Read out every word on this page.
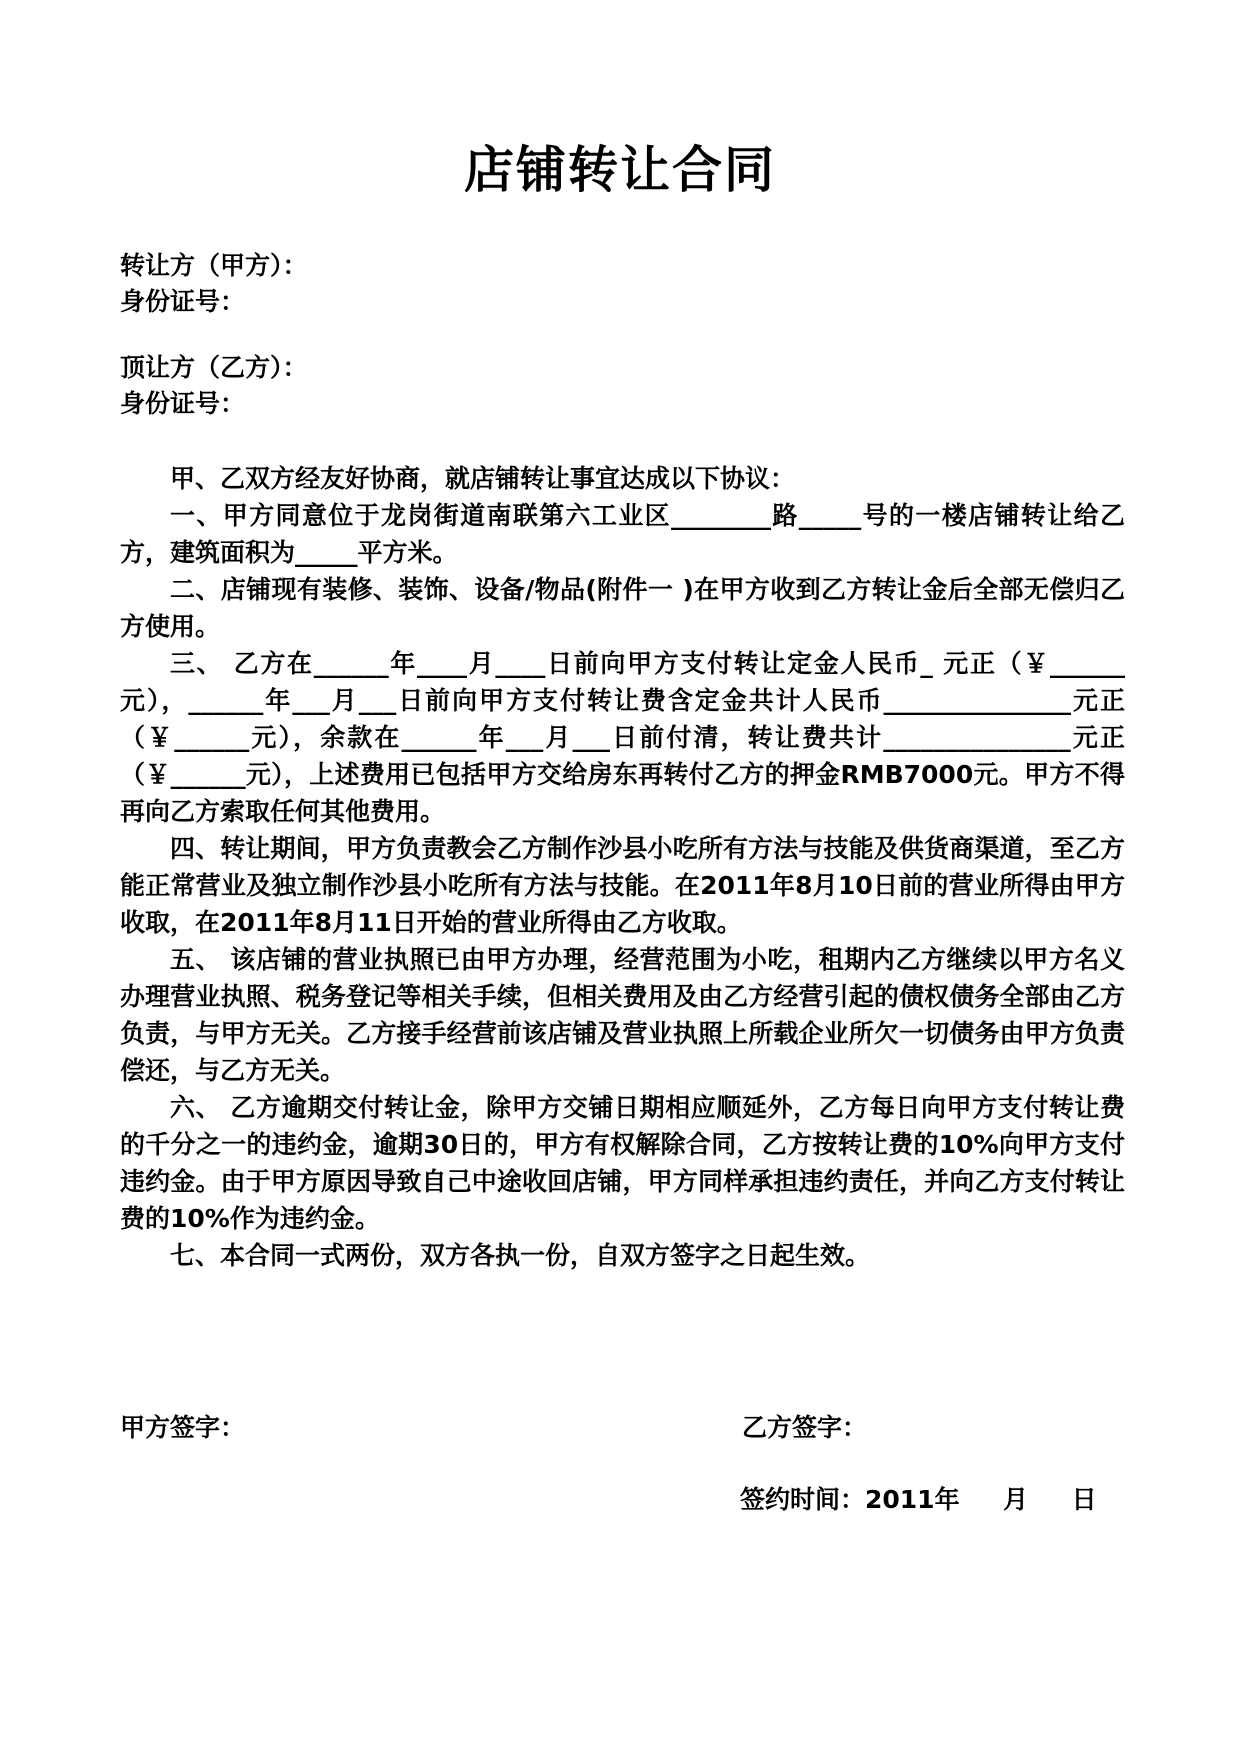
店铺转让合同
转让方（甲方）：
身份证号：
顶让方（乙方）：
身份证号：

甲、乙双方经友好协商，就店铺转让事宜达成以下协议：

一、甲方同意位于龙岗街道南联第六工业区________路_____号的一楼店铺转让给乙方，建筑面积为_____平方米。

二、店铺现有装修、装饰、设备/物品(附件一 )在甲方收到乙方转让金后全部无偿归乙方使用。

三、 乙方在______年____月____日前向甲方支付转让定金人民币_ 元正（￥______元），______年___月___日前向甲方支付转让费含定金共计人民币_______________元正（￥______元），余款在______年___月___日前付清，转让费共计_______________元正（￥______元），上述费用已包括甲方交给房东再转付乙方的押金RMB7000元。甲方不得再向乙方索取任何其他费用。

四、转让期间，甲方负责教会乙方制作沙县小吃所有方法与技能及供货商渠道，至乙方能正常营业及独立制作沙县小吃所有方法与技能。在2011年8月10日前的营业所得由甲方收取，在2011年8月11日开始的营业所得由乙方收取。

五、 该店铺的营业执照已由甲方办理，经营范围为小吃，租期内乙方继续以甲方名义办理营业执照、税务登记等相关手续，但相关费用及由乙方经营引起的债权债务全部由乙方负责，与甲方无关。乙方接手经营前该店铺及营业执照上所载企业所欠一切债务由甲方负责偿还，与乙方无关。

六、 乙方逾期交付转让金，除甲方交铺日期相应顺延外，乙方每日向甲方支付转让费的千分之一的违约金，逾期30日的，甲方有权解除合同，乙方按转让费的10%向甲方支付违约金。由于甲方原因导致自己中途收回店铺，甲方同样承担违约责任，并向乙方支付转让费的10%作为违约金。

七、本合同一式两份，双方各执一份，自双方签字之日起生效。

甲方签字：	乙方签字：
签约时间：2011年     月     日
